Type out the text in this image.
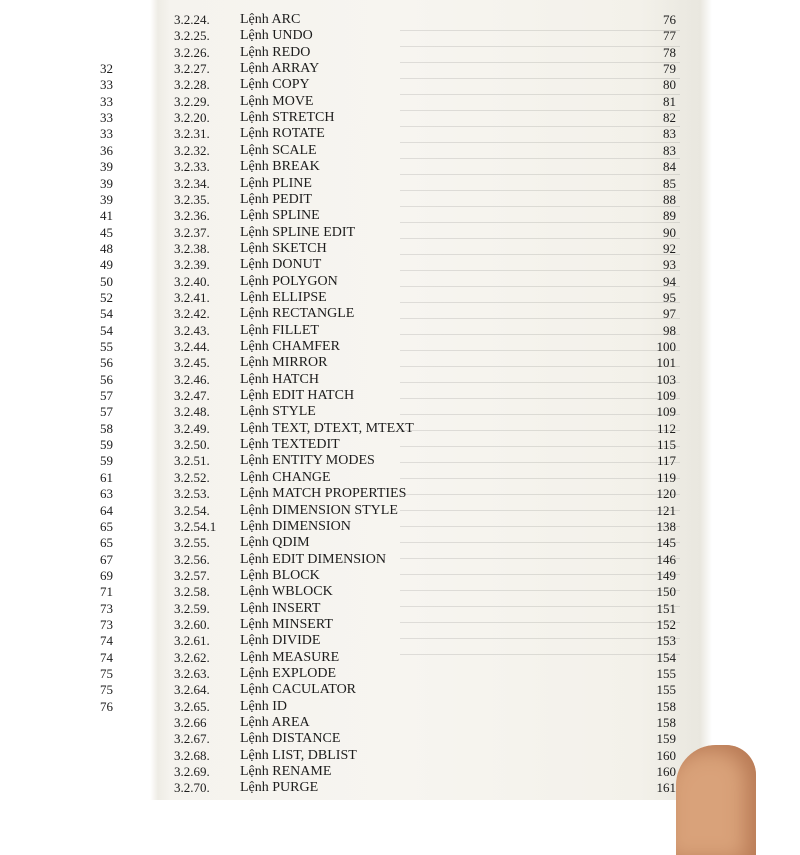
3.2.24. Lệnh ARC	76
3.2.25. Lệnh UNDO	77
3.2.26. Lệnh REDO	78
32	3.2.27. Lệnh ARRAY	79
33	3.2.28. Lệnh COPY	80
33	3.2.29. Lệnh MOVE	81
33	3.2.20. Lệnh STRETCH	82
33	3.2.31. Lệnh ROTATE	83
36	3.2.32. Lệnh SCALE	83
39	3.2.33. Lệnh BREAK	84
39	3.2.34. Lệnh PLINE	85
39	3.2.35. Lệnh PEDIT	88
41	3.2.36. Lệnh SPLINE	89
45	3.2.37. Lệnh SPLINE EDIT	90
48	3.2.38. Lệnh SKETCH	92
49	3.2.39. Lệnh DONUT	93
50	3.2.40. Lệnh POLYGON	94
52	3.2.41. Lệnh ELLIPSE	95
54	3.2.42. Lệnh RECTANGLE	97
54	3.2.43. Lệnh FILLET	98
55	3.2.44. Lệnh CHAMFER	100
56	3.2.45. Lệnh MIRROR	101
56	3.2.46. Lệnh HATCH	103
57	3.2.47. Lệnh EDIT HATCH	109
57	3.2.48. Lệnh STYLE	109
58	3.2.49. Lệnh TEXT, DTEXT, MTEXT	112
59	3.2.50. Lệnh TEXTEDIT	115
59	3.2.51. Lệnh ENTITY MODES	117
61	3.2.52. Lệnh CHANGE	119
63	3.2.53. Lệnh MATCH PROPERTIES	120
64	3.2.54. Lệnh DIMENSION STYLE	121
65	3.2.54.1 Lệnh DIMENSION	138
65	3.2.55. Lệnh QDIM	145
67	3.2.56. Lệnh EDIT DIMENSION	146
69	3.2.57. Lệnh BLOCK	149
71	3.2.58. Lệnh WBLOCK	150
73	3.2.59. Lệnh INSERT	151
73	3.2.60. Lệnh MINSERT	152
74	3.2.61. Lệnh DIVIDE	153
74	3.2.62. Lệnh MEASURE	154
75	3.2.63. Lệnh EXPLODE	155
75	3.2.64. Lệnh CACULATOR	155
76	3.2.65. Lệnh ID	158
3.2.66 Lệnh AREA	158
3.2.67. Lệnh DISTANCE	159
3.2.68. Lệnh LIST, DBLIST	160
3.2.69. Lệnh RENAME	160
3.2.70. Lệnh PURGE	161
